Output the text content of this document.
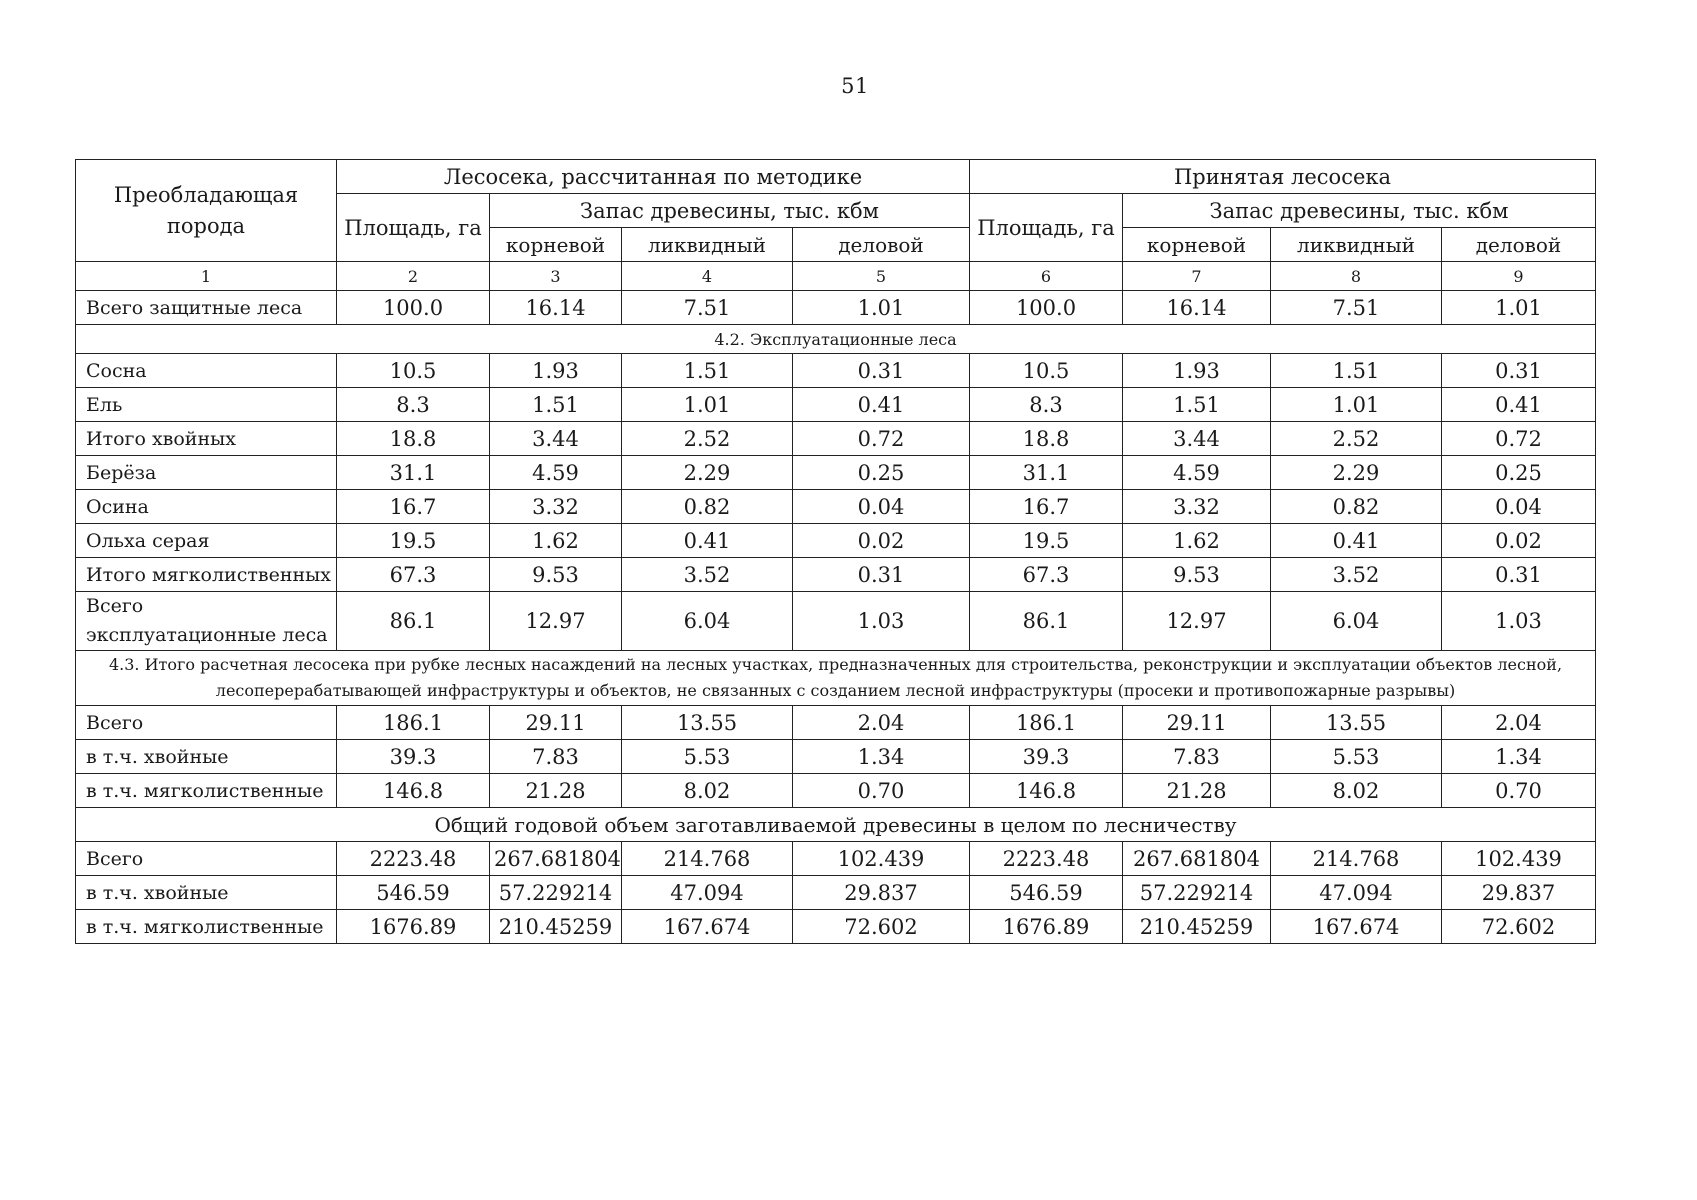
51
Преобладающая порода	Лесосека, рассчитанная по методике				Принятая лесосека			
	Площадь, га	Запас древесины, тыс. кбм			Площадь, га	Запас древесины, тыс. кбм		
		корневой	ликвидный	деловой		корневой	ликвидный	деловой
1	2	3	4	5	6	7	8	9
Всего защитные леса	100.0	16.14	7.51	1.01	100.0	16.14	7.51	1.01
4.2. Эксплуатационные леса								
Сосна	10.5	1.93	1.51	0.31	10.5	1.93	1.51	0.31
Ель	8.3	1.51	1.01	0.41	8.3	1.51	1.01	0.41
Итого хвойных	18.8	3.44	2.52	0.72	18.8	3.44	2.52	0.72
Берёза	31.1	4.59	2.29	0.25	31.1	4.59	2.29	0.25
Осина	16.7	3.32	0.82	0.04	16.7	3.32	0.82	0.04
Ольха серая	19.5	1.62	0.41	0.02	19.5	1.62	0.41	0.02
Итого мягколиственных	67.3	9.53	3.52	0.31	67.3	9.53	3.52	0.31
Всего эксплуатационные леса	86.1	12.97	6.04	1.03	86.1	12.97	6.04	1.03
4.3. Итого расчетная лесосека при рубке лесных насаждений на лесных участках, предназначенных для строительства, реконструкции и эксплуатации объектов лесной, лесоперерабатывающей инфраструктуры и объектов, не связанных с созданием лесной инфраструктуры (просеки и противопожарные разрывы)								
Всего	186.1	29.11	13.55	2.04	186.1	29.11	13.55	2.04
в т.ч. хвойные	39.3	7.83	5.53	1.34	39.3	7.83	5.53	1.34
в т.ч. мягколиственные	146.8	21.28	8.02	0.70	146.8	21.28	8.02	0.70
Общий годовой объем заготавливаемой древесины в целом по лесничеству								
Всего	2223.48	267.681804	214.768	102.439	2223.48	267.681804	214.768	102.439
в т.ч. хвойные	546.59	57.229214	47.094	29.837	546.59	57.229214	47.094	29.837
в т.ч. мягколиственные	1676.89	210.45259	167.674	72.602	1676.89	210.45259	167.674	72.602
